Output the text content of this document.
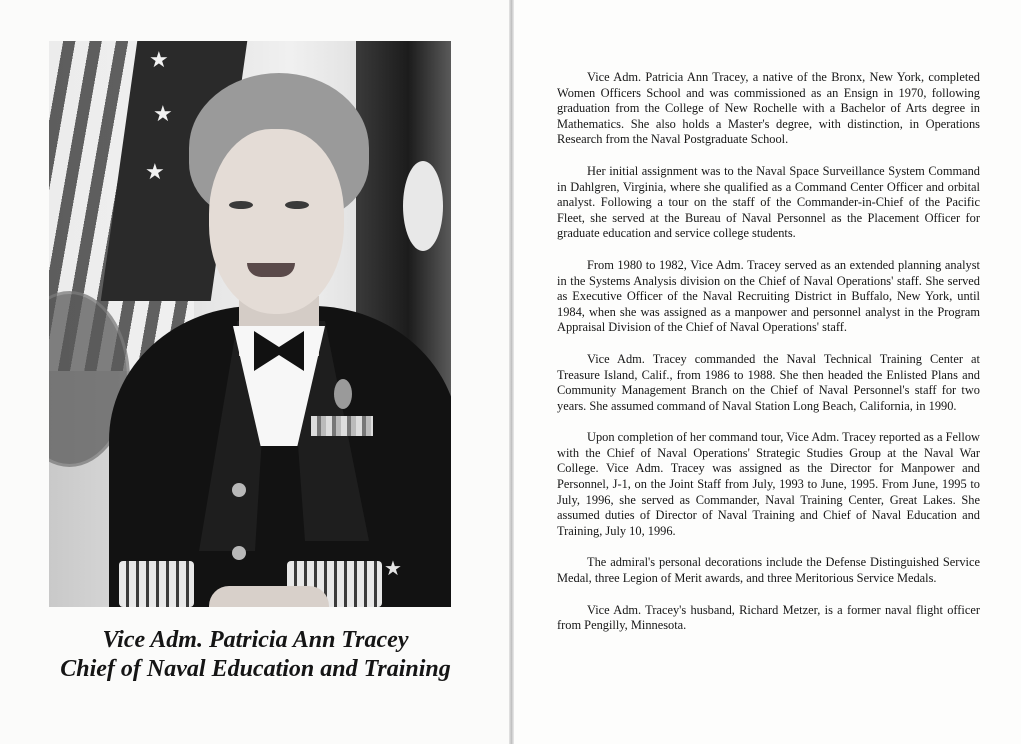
★
★
★
★

Vice Adm. Patricia Ann Tracey

Chief of Naval Education and Training

Vice Adm. Patricia Ann Tracey, a native of the Bronx, New York, completed Women Officers School and was commissioned as an Ensign in 1970, following graduation from the College of New Rochelle with a Bachelor of Arts degree in Mathematics. She also holds a Master's degree, with distinction, in Operations Research from the Naval Postgraduate School.

Her initial assignment was to the Naval Space Surveillance System Command in Dahlgren, Virginia, where she qualified as a Command Center Officer and orbital analyst. Following a tour on the staff of the Commander-in-Chief of the Pacific Fleet, she served at the Bureau of Naval Personnel as the Placement Officer for graduate education and service college students.

From 1980 to 1982, Vice Adm. Tracey served as an extended planning analyst in the Systems Analysis division on the Chief of Naval Operations' staff. She served as Executive Officer of the Naval Recruiting District in Buffalo, New York, until 1984, when she was assigned as a manpower and personnel analyst in the Program Appraisal Division of the Chief of Naval Operations' staff.

Vice Adm. Tracey commanded the Naval Technical Training Center at Treasure Island, Calif., from 1986 to 1988. She then headed the Enlisted Plans and Community Management Branch on the Chief of Naval Personnel's staff for two years. She assumed command of Naval Station Long Beach, California, in 1990.

Upon completion of her command tour, Vice Adm. Tracey reported as a Fellow with the Chief of Naval Operations' Strategic Studies Group at the Naval War College. Vice Adm. Tracey was assigned as the Director for Manpower and Personnel, J-1, on the Joint Staff from July, 1993 to June, 1995. From June, 1995 to July, 1996, she served as Commander, Naval Training Center, Great Lakes. She assumed duties of Director of Naval Training and Chief of Naval Education and Training, July 10, 1996.

The admiral's personal decorations include the Defense Distinguished Service Medal, three Legion of Merit awards, and three Meritorious Service Medals.

Vice Adm. Tracey's husband, Richard Metzer, is a former naval flight officer from Pengilly, Minnesota.
